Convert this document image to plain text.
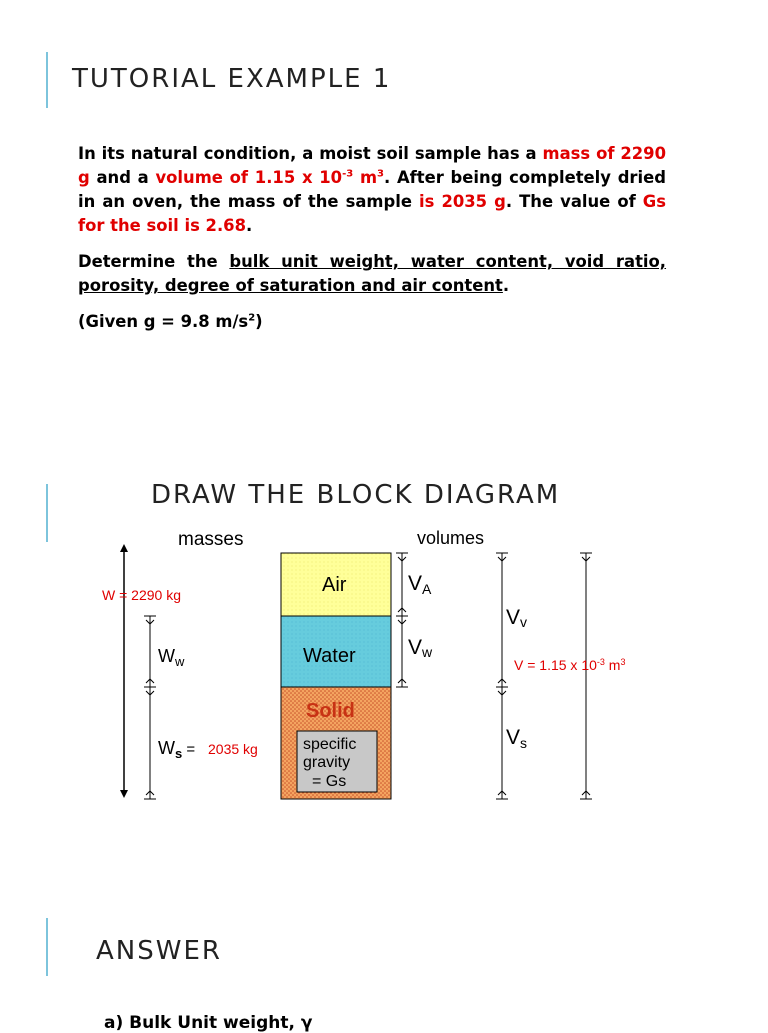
TUTORIAL EXAMPLE 1

In its natural condition, a moist soil sample has a mass of 2290 g and a volume of 1.15 x $10^{-3}$ $m^3$. After being completely dried in an oven, the mass of the sample is 2035 g. The value of Gs for the soil is 2.68.

Determine the bulk unit weight, water content, void ratio, porosity, degree of saturation and air content.

(Given g = 9.8 $m/s^2$)

DRAW THE BLOCK DIAGRAM
masses	volumes
Air
Water
Solid
specific
gravity
= Gs
W = 2290 kg
$W_w$
$W_s$ = 2035 kg
VA
Vw
Vv
Vs
V = 1.15 x $10^{-3}$ $m^3$
ANSWER
a) Bulk Unit weight, γ
